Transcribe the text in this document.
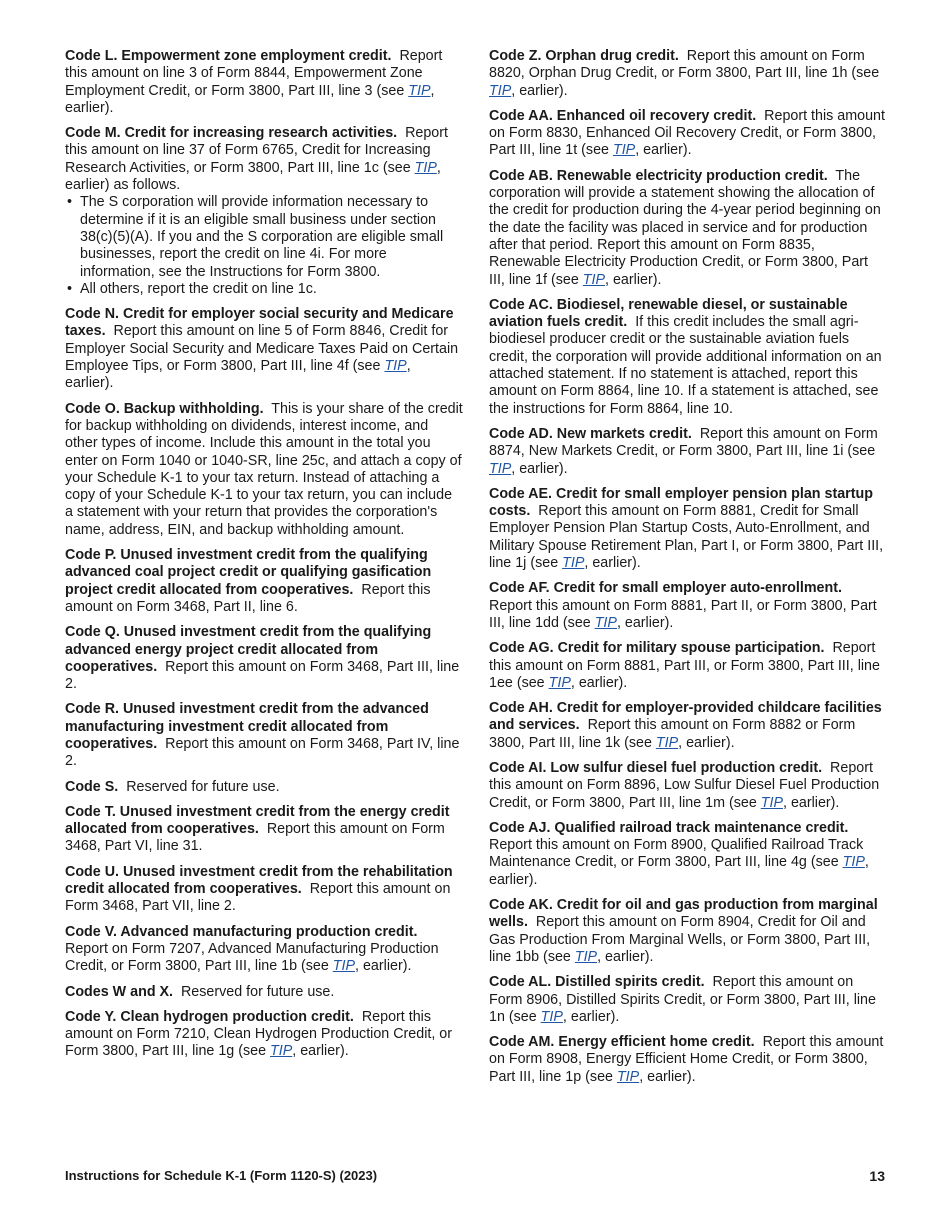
Code L. Empowerment zone employment credit. Report this amount on line 3 of Form 8844, Empowerment Zone Employment Credit, or Form 3800, Part III, line 3 (see TIP, earlier).

Code M. Credit for increasing research activities. Report this amount on line 37 of Form 6765, Credit for Increasing Research Activities, or Form 3800, Part III, line 1c (see TIP, earlier) as follows.
• The S corporation will provide information necessary to determine if it is an eligible small business under section 38(c)(5)(A). If you and the S corporation are eligible small businesses, report the credit on line 4i. For more information, see the Instructions for Form 3800.
• All others, report the credit on line 1c.

Code N. Credit for employer social security and Medicare taxes. Report this amount on line 5 of Form 8846, Credit for Employer Social Security and Medicare Taxes Paid on Certain Employee Tips, or Form 3800, Part III, line 4f (see TIP, earlier).

Code O. Backup withholding. This is your share of the credit for backup withholding on dividends, interest income, and other types of income. Include this amount in the total you enter on Form 1040 or 1040-SR, line 25c, and attach a copy of your Schedule K-1 to your tax return. Instead of attaching a copy of your Schedule K-1 to your tax return, you can include a statement with your return that provides the corporation's name, address, EIN, and backup withholding amount.

Code P. Unused investment credit from the qualifying advanced coal project credit or qualifying gasification project credit allocated from cooperatives. Report this amount on Form 3468, Part II, line 6.

Code Q. Unused investment credit from the qualifying advanced energy project credit allocated from cooperatives. Report this amount on Form 3468, Part III, line 2.

Code R. Unused investment credit from the advanced manufacturing investment credit allocated from cooperatives. Report this amount on Form 3468, Part IV, line 2.

Code S. Reserved for future use.

Code T. Unused investment credit from the energy credit allocated from cooperatives. Report this amount on Form 3468, Part VI, line 31.

Code U. Unused investment credit from the rehabilitation credit allocated from cooperatives. Report this amount on Form 3468, Part VII, line 2.

Code V. Advanced manufacturing production credit.  Report on Form 7207, Advanced Manufacturing Production Credit, or Form 3800, Part III, line 1b (see TIP, earlier).

Codes W and X. Reserved for future use.

Code Y. Clean hydrogen production credit. Report this amount on Form 7210, Clean Hydrogen Production Credit, or Form 3800, Part III, line 1g (see TIP, earlier).

Code Z. Orphan drug credit. Report this amount on Form 8820, Orphan Drug Credit, or Form 3800, Part III, line 1h (see TIP, earlier).

Code AA. Enhanced oil recovery credit. Report this amount on Form 8830, Enhanced Oil Recovery Credit, or Form 3800, Part III, line 1t (see TIP, earlier).

Code AB. Renewable electricity production credit. The corporation will provide a statement showing the allocation of the credit for production during the 4-year period beginning on the date the facility was placed in service and for production after that period. Report this amount on Form 8835, Renewable Electricity Production Credit, or Form 3800, Part III, line 1f (see TIP, earlier).

Code AC. Biodiesel, renewable diesel, or sustainable aviation fuels credit. If this credit includes the small agri-biodiesel producer credit or the sustainable aviation fuels credit, the corporation will provide additional information on an attached statement. If no statement is attached, report this amount on Form 8864, line 10. If a statement is attached, see the instructions for Form 8864, line 10.

Code AD. New markets credit. Report this amount on Form 8874, New Markets Credit, or Form 3800, Part III, line 1i (see TIP, earlier).

Code AE. Credit for small employer pension plan startup costs. Report this amount on Form 8881, Credit for Small Employer Pension Plan Startup Costs, Auto-Enrollment, and Military Spouse Retirement Plan, Part I, or Form 3800, Part III, line 1j (see TIP, earlier).

Code AF. Credit for small employer auto-enrollment.  Report this amount on Form 8881, Part II, or Form 3800, Part III, line 1dd (see TIP, earlier).

Code AG. Credit for military spouse participation. Report this amount on Form 8881, Part III, or Form 3800, Part III, line 1ee (see TIP, earlier).

Code AH. Credit for employer-provided childcare facilities and services. Report this amount on Form 8882 or Form 3800, Part III, line 1k (see TIP, earlier).

Code AI. Low sulfur diesel fuel production credit. Report this amount on Form 8896, Low Sulfur Diesel Fuel Production Credit, or Form 3800, Part III, line 1m (see TIP, earlier).

Code AJ. Qualified railroad track maintenance credit.  Report this amount on Form 8900, Qualified Railroad Track Maintenance Credit, or Form 3800, Part III, line 4g (see TIP, earlier).

Code AK. Credit for oil and gas production from marginal wells. Report this amount on Form 8904, Credit for Oil and Gas Production From Marginal Wells, or Form 3800, Part III, line 1bb (see TIP, earlier).

Code AL. Distilled spirits credit. Report this amount on Form 8906, Distilled Spirits Credit, or Form 3800, Part III, line 1n (see TIP, earlier).

Code AM. Energy efficient home credit. Report this amount on Form 8908, Energy Efficient Home Credit, or Form 3800, Part III, line 1p (see TIP, earlier).

Instructions for Schedule K-1 (Form 1120-S) (2023)	13
